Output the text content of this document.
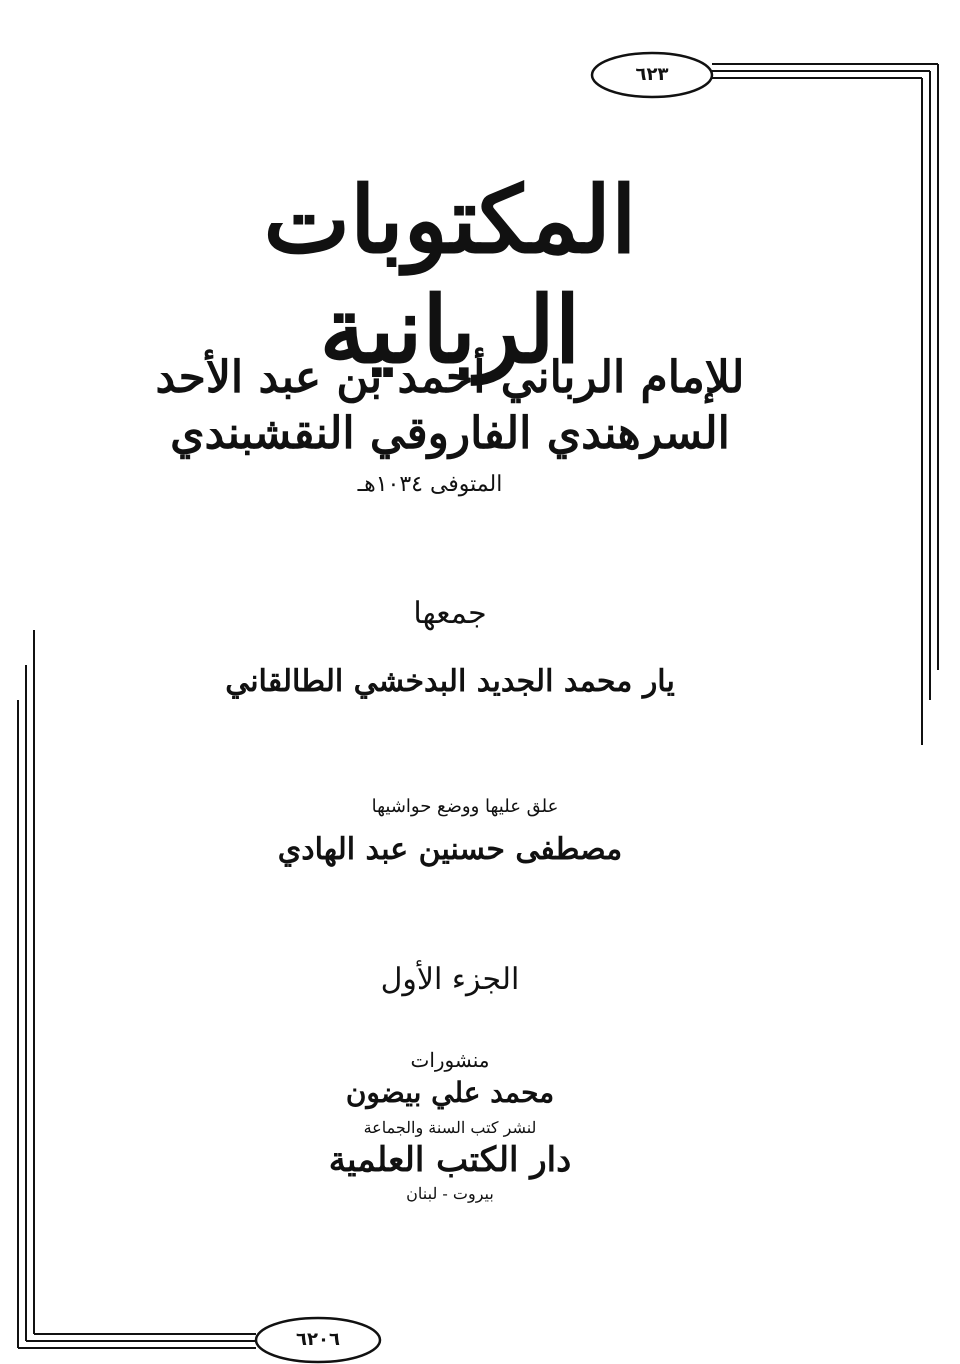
٦٢٣
٦٢٠٦
المكتوبات الربانية
للإمام الرباني أحمد بن عبد الأحد
السرهندي الفاروقي النقشبندي
المتوفى ١٠٣٤هـ
جمعها
يار محمد الجديد البدخشي الطالقاني
علق عليها ووضع حواشيها
مصطفى حسنين عبد الهادي
الجزء الأول
منشورات
محمد علي بيضون
لنشر كتب السنة والجماعة
دار الكتب العلمية
بيروت - لبنان
